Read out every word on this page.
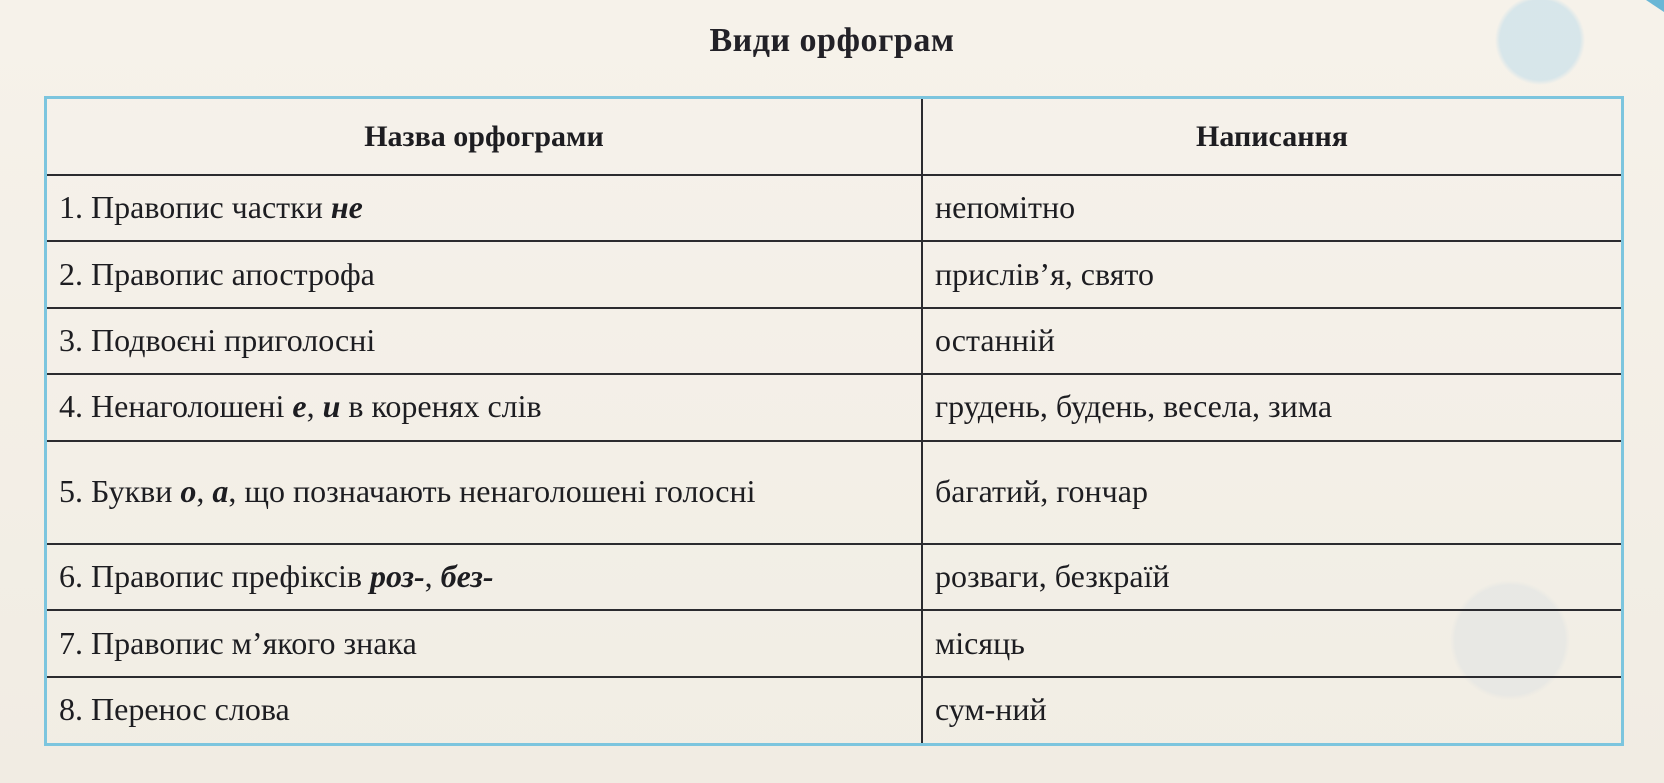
Види орфограм
Назва орфограми	Написання
1. Правопис частки не	непомітно
2. Правопис апострофа	прислів’я, свято
3. Подвоєні приголосні	останній
4. Ненаголошені е, и в коренях слів	грудень, будень, весела, зима
5. Букви о, а, що позначають ненаголошені голосні	багатий, гончар
6. Правопис префіксів роз-, без-	розваги, безкраїй
7. Правопис м’якого знака	місяць
8. Перенос слова	сум-ний
